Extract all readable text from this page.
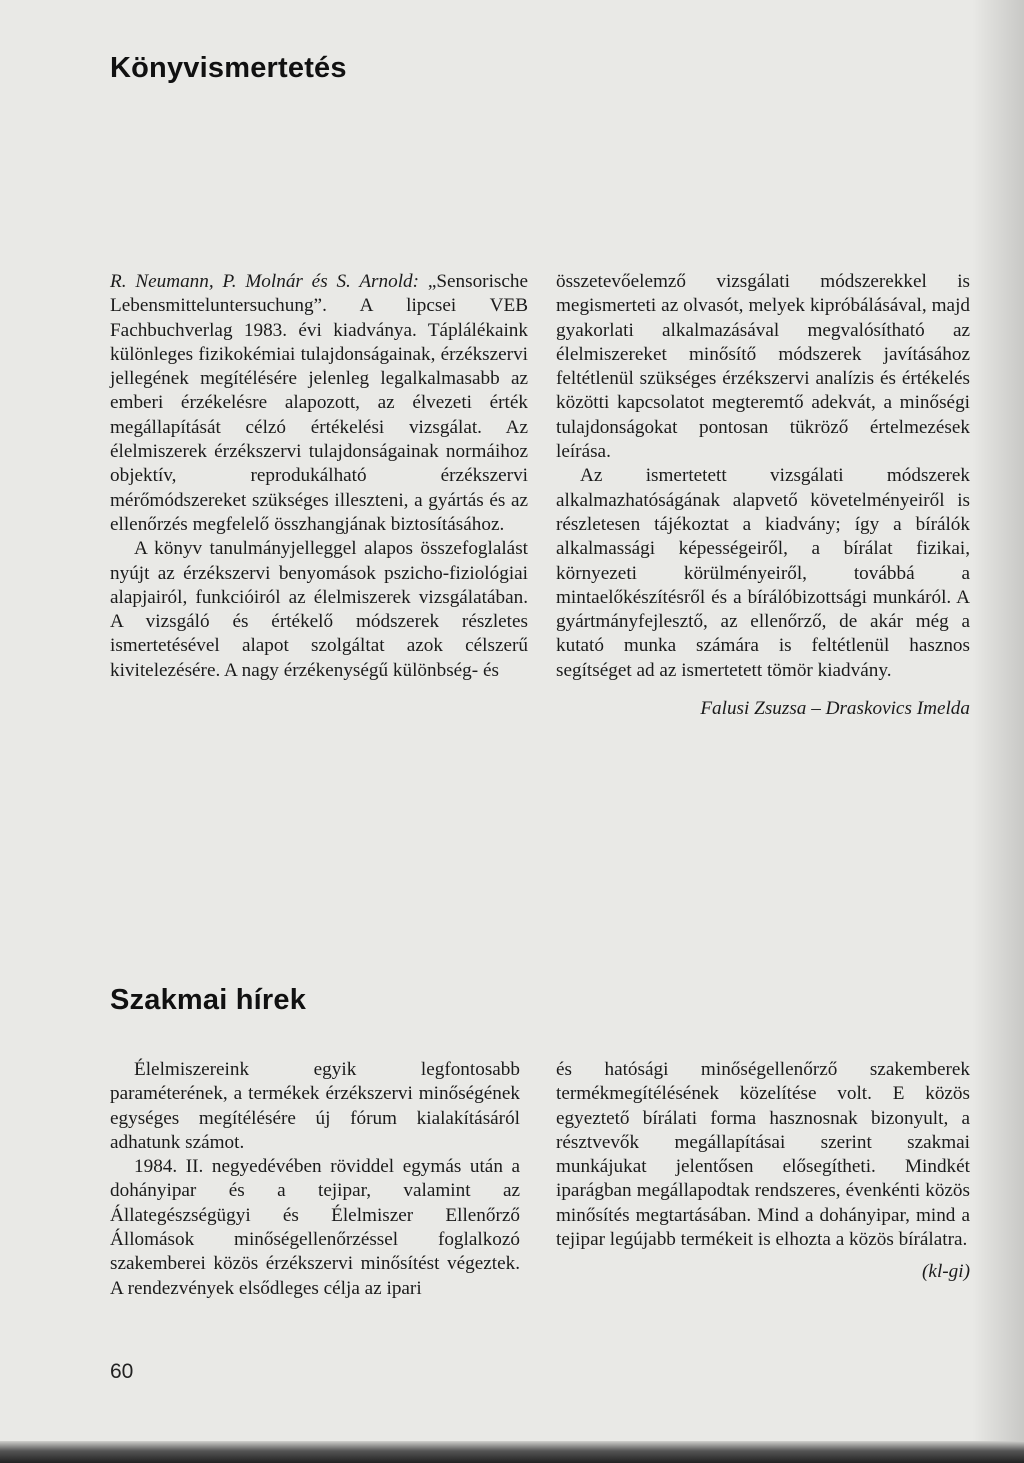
Könyvismertetés

R. Neumann, P. Molnár és S. Arnold: „Sensorische Lebensmitteluntersuchung”. A lipcsei VEB Fachbuchverlag 1983. évi kiadványa. Táplálékaink különleges fizikokémiai tulajdonságainak, érzékszervi jellegének megítélésére jelenleg legalkalmasabb az emberi érzékelésre alapozott, az élvezeti érték megállapítását célzó értékelési vizsgálat. Az élelmiszerek érzékszervi tulajdonságainak normáihoz objektív, reprodukálható érzékszervi mérőmódszereket szükséges illeszteni, a gyártás és az ellenőrzés megfelelő összhangjának biztosításához.

A könyv tanulmányjelleggel alapos összefoglalást nyújt az érzékszervi benyomások pszicho-fiziológiai alapjairól, funkcióiról az élelmiszerek vizsgálatában. A vizsgáló és értékelő módszerek részletes ismertetésével alapot szolgáltat azok célszerű kivitelezésére. A nagy érzékenységű különbség- és

összetevőelemző vizsgálati módszerekkel is megismerteti az olvasót, melyek kipróbálásával, majd gyakorlati alkalmazásával megvalósítható az élelmiszereket minősítő módszerek javításához feltétlenül szükséges érzékszervi analízis és értékelés közötti kapcsolatot megteremtő adekvát, a minőségi tulajdonságokat pontosan tükröző értelmezések leírása.

Az ismertetett vizsgálati módszerek alkalmazhatóságának alapvető követelményeiről is részletesen tájékoztat a kiadvány; így a bírálók alkalmassági képességeiről, a bírálat fizikai, környezeti körülményeiről, továbbá a mintaelőkészítésről és a bírálóbizottsági munkáról. A gyártmányfejlesztő, az ellenőrző, de akár még a kutató munka számára is feltétlenül hasznos segítséget ad az ismertetett tömör kiadvány.

Falusi Zsuzsa – Draskovics Imelda

Szakmai hírek

Élelmiszereink egyik legfontosabb paraméterének, a termékek érzékszervi minőségének egységes megítélésére új fórum kialakításáról adhatunk számot.

1984. II. negyedévében röviddel egymás után a dohányipar és a tejipar, valamint az Állategészségügyi és Élelmiszer Ellenőrző Állomások minőségellenőrzéssel foglalkozó szakemberei közös érzékszervi minősítést végeztek. A rendezvények elsődleges célja az ipari

és hatósági minőségellenőrző szakemberek termékmegítélésének közelítése volt. E közös egyeztető bírálati forma hasznosnak bizonyult, a résztvevők megállapításai szerint szakmai munkájukat jelentősen elősegítheti. Mindkét iparágban megállapodtak rendszeres, évenkénti közös minősítés megtartásában. Mind a dohányipar, mind a tejipar legújabb termékeit is elhozta a közös bírálatra.

(kl-gi)
60
